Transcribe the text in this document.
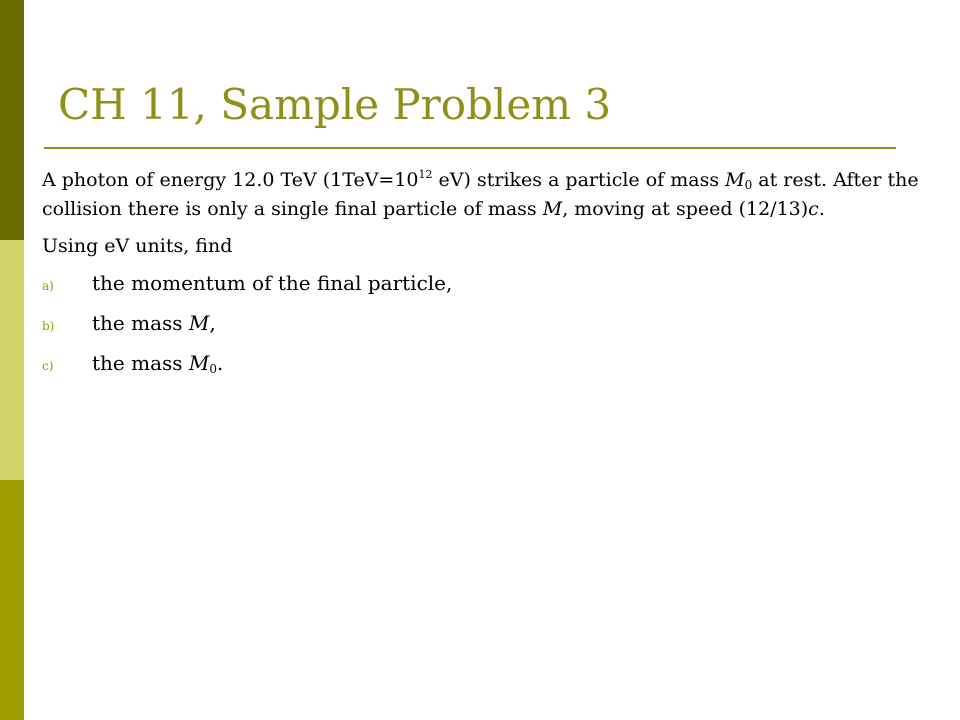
CH 11, Sample Problem 3

A photon of energy 12.0 TeV ($1TeV=10^{12}$ eV) strikes a particle of mass $M_0$ at rest. After the collision there is only a single final particle of mass M, moving at speed (12/13)c.

Using eV units, find

a)	the momentum of the final particle,
b)	the mass M,
c)	the mass $M_0$.
